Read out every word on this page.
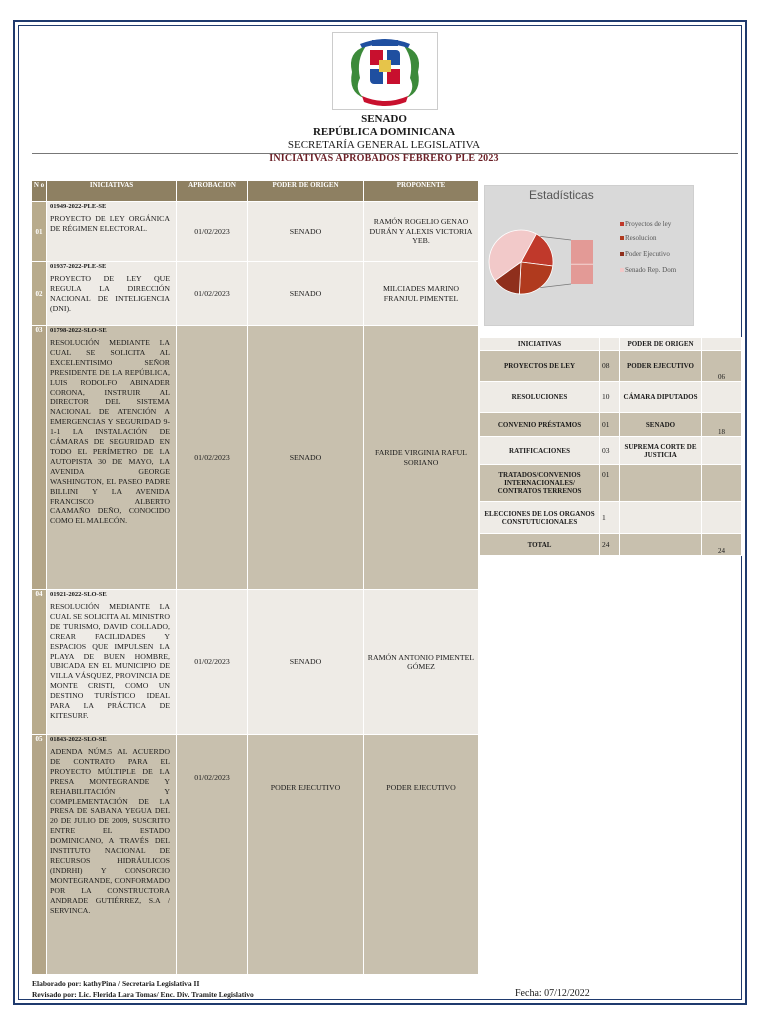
SENADO
REPÚBLICA DOMINICANA
SECRETARÍA GENERAL LEGISLATIVA
INICIATIVAS APROBADOS FEBRERO PLE 2023
N o	INICIATIVAS	APROBACION	PODER DE ORIGEN	PROPONENTE

01	01949-2022-PLE-SE
PROYECTO DE LEY ORGÁNICA DE RÉGIMEN ELECTORAL.	01/02/2023	SENADO	RAMÓN ROGELIO GENAO DURÁN Y ALEXIS VICTORIA YEB.

02	01937-2022-PLE-SE
PROYECTO DE LEY QUE REGULA LA DIRECCIÓN NACIONAL DE INTELIGENCIA (DNI).	01/02/2023	SENADO	MILCIADES MARINO FRANJUL PIMENTEL

03	01798-2022-SLO-SE
RESOLUCIÓN MEDIANTE LA CUAL SE SOLICITA AL EXCELENTISIMO SEÑOR PRESIDENTE DE LA REPÚBLICA, LUIS RODOLFO ABINADER CORONA, INSTRUIR AL DIRECTOR DEL SISTEMA NACIONAL DE ATENCIÓN A EMERGENCIAS Y SEGURIDAD 9-1-1 LA INSTALACIÓN DE CÁMARAS DE SEGURIDAD EN TODO EL PERÍMETRO DE LA AUTOPISTA 30 DE MAYO, LA AVENIDA GEORGE WASHINGTON, EL PASEO PADRE BILLINI Y LA AVENIDA FRANCISCO ALBERTO CAAMAÑO DEÑO, CONOCIDO COMO EL MALECÓN.	01/02/2023	SENADO	FARIDE VIRGINIA RAFUL SORIANO

04	01921-2022-SLO-SE
RESOLUCIÓN MEDIANTE LA CUAL SE SOLICITA AL MINISTRO DE TURISMO, DAVID COLLADO, CREAR FACILIDADES Y ESPACIOS QUE IMPULSEN LA PLAYA DE BUEN HOMBRE, UBICADA EN EL MUNICIPIO DE VILLA VÁSQUEZ, PROVINCIA DE MONTE CRISTI, COMO UN DESTINO TURÍSTICO IDEAL PARA LA PRÁCTICA DE KITESURF.	01/02/2023	SENADO	RAMÓN ANTONIO PIMENTEL GÓMEZ

05	01843-2022-SLO-SE
ADENDA NÚM.5 AL ACUERDO DE CONTRATO PARA EL PROYECTO MÚLTIPLE DE LA PRESA MONTEGRANDE Y REHABILITACIÓN Y COMPLEMENTACIÓN DE LA PRESA DE SABANA YEGUA DEL 20 DE JULIO DE 2009, SUSCRITO ENTRE EL ESTADO DOMINICANO, A TRAVÉS DEL INSTITUTO NACIONAL DE RECURSOS HIDRÁULICOS (INDRHI) Y CONSORCIO MONTEGRANDE, CONFORMADO POR LA CONSTRUCTORA ANDRADE GUTIÉRREZ, S.A / SERVINCA.	01/02/2023	PODER EJECUTIVO	PODER EJECUTIVO
Estadísticas
Proyectos de ley
Resolucion
Poder Ejecutivo
Senado Rep. Dom
INICIATIVAS		PODER DE ORIGEN	
PROYECTOS DE LEY	08	PODER EJECUTIVO	06
RESOLUCIONES	10	CÁMARA DIPUTADOS	
CONVENIO PRÉSTAMOS	01	SENADO	18
RATIFICACIONES	03	SUPREMA CORTE DE JUSTICIA	
TRATADOS/CONVENIOS INTERNACIONALES/ CONTRATOS TERRENOS	01		
ELECCIONES DE LOS ORGANOS CONSTUTUCIONALES	1		
TOTAL	24		24
Elaborado por: kathyPina / Secretaria Legislativa II
Revisado por: Lic. Flerida Lara Tomas/ Enc. Div. Tramite Legislativo	Fecha: 07/12/2022
